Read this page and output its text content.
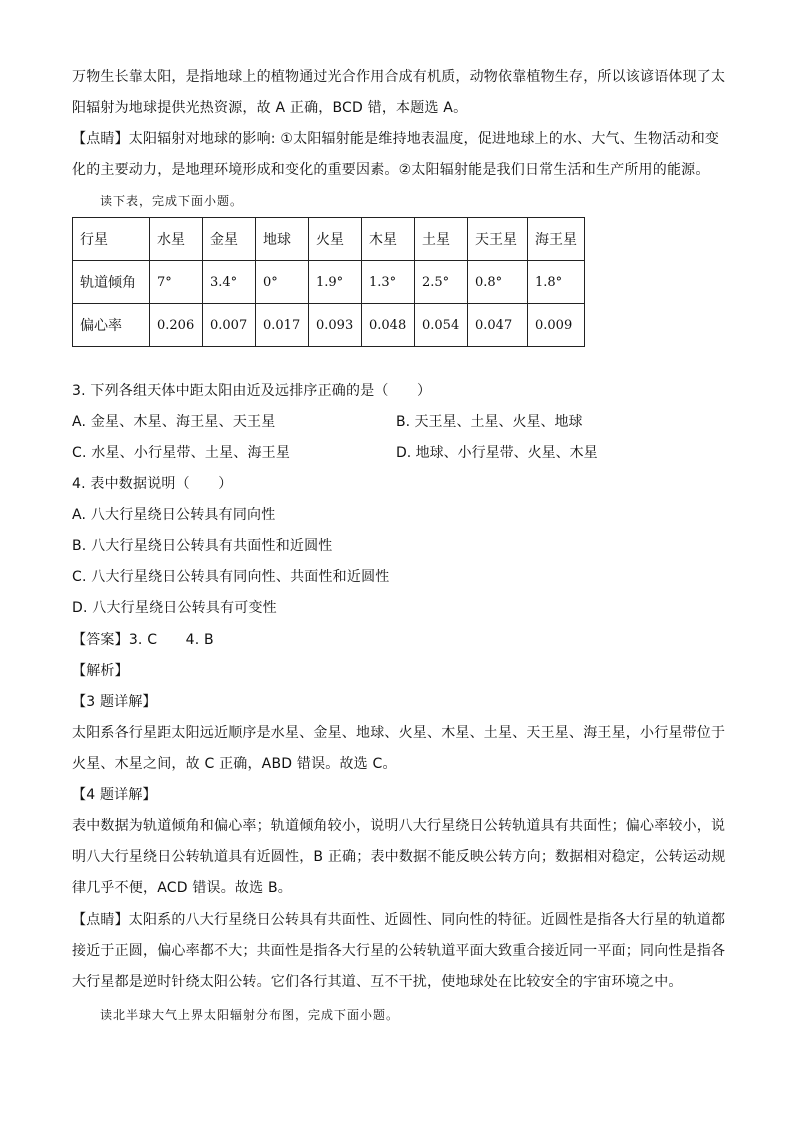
万物生长靠太阳，是指地球上的植物通过光合作用合成有机质，动物依靠植物生存，所以该谚语体现了太
阳辐射为地球提供光热资源，故 A 正确，BCD 错，本题选 A。
【点睛】太阳辐射对地球的影响: ①太阳辐射能是维持地表温度，促进地球上的水、大气、生物活动和变
化的主要动力，是地理环境形成和变化的重要因素。②太阳辐射能是我们日常生活和生产所用的能源。
读下表，完成下面小题。
行星	水星	金星	地球	火星	木星	土星	天王星	海王星
轨道倾角	7°	3.4°	0°	1.9°	1.3°	2.5°	0.8°	1.8°
偏心率	0.206	0.007	0.017	0.093	0.048	0.054	0.047	0.009
3. 下列各组天体中距太阳由近及远排序正确的是（　　）
A. 金星、木星、海王星、天王星	B. 天王星、土星、火星、地球
C. 水星、小行星带、土星、海王星	D. 地球、小行星带、火星、木星
4. 表中数据说明（　　）
A. 八大行星绕日公转具有同向性
B. 八大行星绕日公转具有共面性和近圆性
C. 八大行星绕日公转具有同向性、共面性和近圆性
D. 八大行星绕日公转具有可变性
【答案】3. C　　4. B
【解析】
【3 题详解】
太阳系各行星距太阳远近顺序是水星、金星、地球、火星、木星、土星、天王星、海王星，小行星带位于
火星、木星之间，故 C 正确，ABD 错误。故选 C。
【4 题详解】
表中数据为轨道倾角和偏心率；轨道倾角较小，说明八大行星绕日公转轨道具有共面性；偏心率较小，说
明八大行星绕日公转轨道具有近圆性，B 正确；表中数据不能反映公转方向；数据相对稳定，公转运动规
律几乎不便，ACD 错误。故选 B。
【点睛】太阳系的八大行星绕日公转具有共面性、近圆性、同向性的特征。近圆性是指各大行星的轨道都
接近于正圆，偏心率都不大；共面性是指各大行星的公转轨道平面大致重合接近同一平面；同向性是指各
大行星都是逆时针绕太阳公转。它们各行其道、互不干扰，使地球处在比较安全的宇宙环境之中。
读北半球大气上界太阳辐射分布图，完成下面小题。
